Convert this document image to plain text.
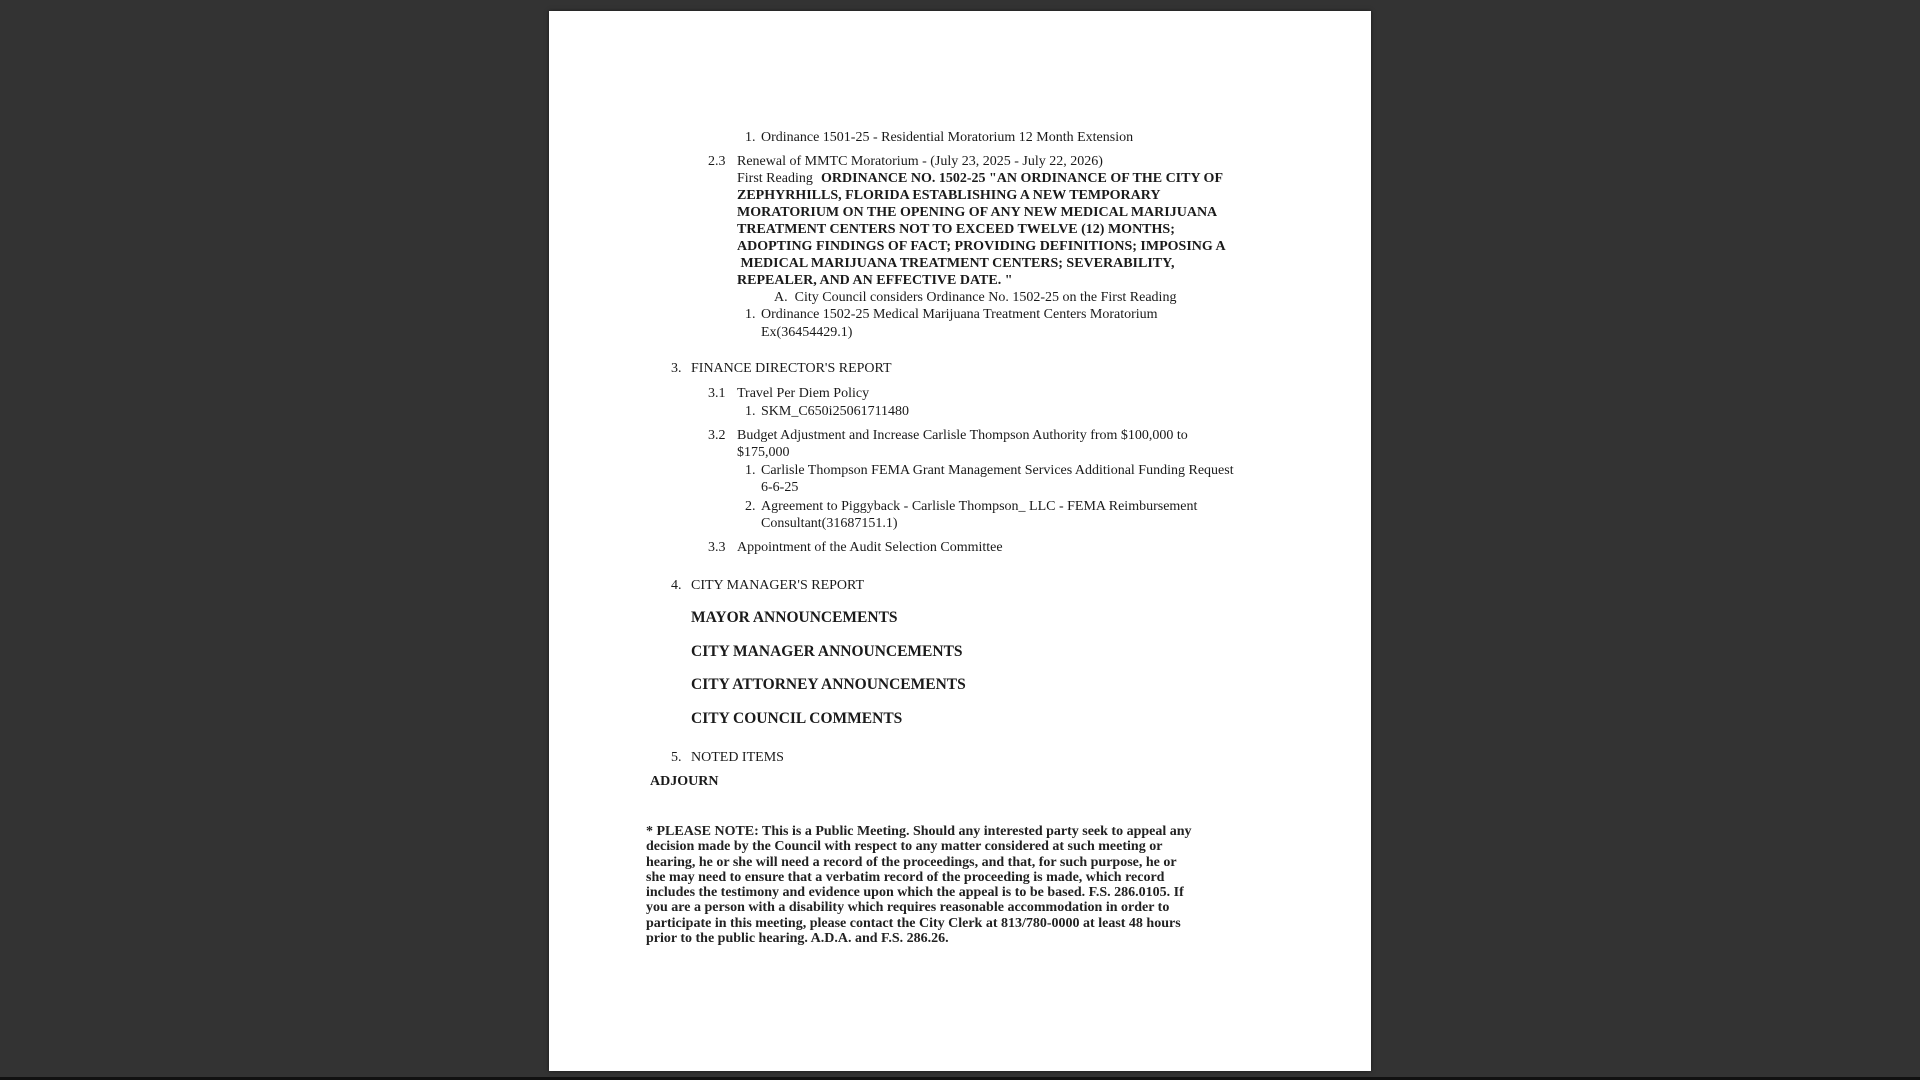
1. Ordinance 1501-25 - Residential Moratorium 12 Month Extension
2.3 Renewal of MMTC Moratorium - (July 23, 2025 - July 22, 2026)
First Reading ORDINANCE NO. 1502-25 "AN ORDINANCE OF THE CITY OF
ZEPHYRHILLS, FLORIDA ESTABLISHING A NEW TEMPORARY
MORATORIUM ON THE OPENING OF ANY NEW MEDICAL MARIJUANA
TREATMENT CENTERS NOT TO EXCEED TWELVE (12) MONTHS;
ADOPTING FINDINGS OF FACT; PROVIDING DEFINITIONS; IMPOSING A
MEDICAL MARIJUANA TREATMENT CENTERS; SEVERABILITY,
REPEALER, AND AN EFFECTIVE DATE. "
A.  City Council considers Ordinance No. 1502-25 on the First Reading
1. Ordinance 1502-25 Medical Marijuana Treatment Centers Moratorium
Ex(36454429.1)
3. FINANCE DIRECTOR'S REPORT
3.1 Travel Per Diem Policy
1. SKM_C650i25061711480
3.2 Budget Adjustment and Increase Carlisle Thompson Authority from $100,000 to
$175,000
1. Carlisle Thompson FEMA Grant Management Services Additional Funding Request
6-6-25
2. Agreement to Piggyback - Carlisle Thompson_ LLC - FEMA Reimbursement
Consultant(31687151.1)
3.3 Appointment of the Audit Selection Committee
4. CITY MANAGER'S REPORT
MAYOR ANNOUNCEMENTS
CITY MANAGER ANNOUNCEMENTS
CITY ATTORNEY ANNOUNCEMENTS
CITY COUNCIL COMMENTS
5. NOTED ITEMS
ADJOURN
* PLEASE NOTE: This is a Public Meeting. Should any interested party seek to appeal any
decision made by the Council with respect to any matter considered at such meeting or
hearing, he or she will need a record of the proceedings, and that, for such purpose, he or
she may need to ensure that a verbatim record of the proceeding is made, which record
includes the testimony and evidence upon which the appeal is to be based. F.S. 286.0105. If
you are a person with a disability which requires reasonable accommodation in order to
participate in this meeting, please contact the City Clerk at 813/780-0000 at least 48 hours
prior to the public hearing. A.D.A. and F.S. 286.26.
